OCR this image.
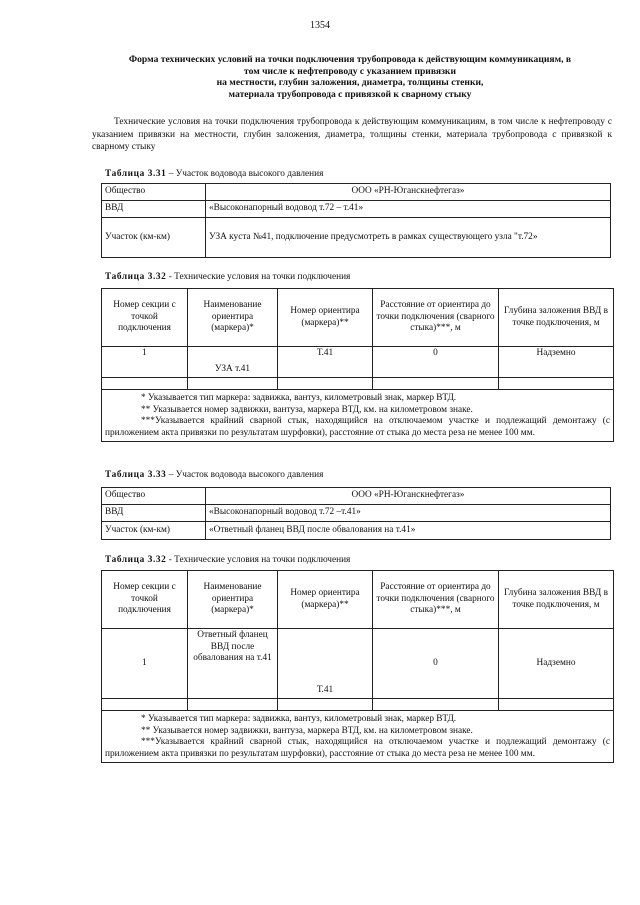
1354
Форма технических условий на точки подключения трубопровода к действующим коммуникациям, в
том числе к нефтепроводу с указанием привязки
на местности, глубин заложения, диаметра, толщины стенки,
материала трубопровода с привязкой к сварному стыку
Технические условия на точки подключения трубопровода к действующим коммуникациям, в том числе к нефтепроводу с указанием привязки на местности, глубин заложения, диаметра, толщины стенки, материала трубопровода с привязкой к сварному стыку
Таблица 3.31 – Участок водовода высокого давления
Общество	ООО «РН-Юганскнефтегаз»
ВВД	«Высоконапорный водовод т.72 – т.41»
Участок (км-км)	УЗА куста №41, подключение предусмотреть в рамках существующего узла "т.72»
Таблица 3.32 - Технические условия на точки подключения
Номер секции с точкой подключения	Наименование ориентира (маркера)*	Номер ориентира (маркера)**	Расстояние от ориентира до точки подключения (сварного стыка)***, м	Глубина заложения ВВД в точке подключения, м
1	УЗА т.41	Т.41	0	Надземно

* Указывается тип маркера: задвижка, вантуз, километровый знак, маркер ВТД.
** Указывается номер задвижки, вантуза, маркера ВТД, км. на километровом знаке.
***Указывается крайний сварной стык, находящийся на отключаемом участке и подлежащий демонтажу (с приложением акта привязки по результатам шурфовки), расстояние от стыка до места реза не менее 100 мм.				
Таблица 3.33 – Участок водовода высокого давления
Общество	ООО «РН-Юганскнефтегаз»
ВВД	«Высоконапорный водовод т.72 –т.41»
Участок (км-км)	«Ответный фланец ВВД после обвалования на т.41»
Таблица 3.32 - Технические условия на точки подключения
Номер секции с точкой подключения	Наименование ориентира (маркера)*	Номер ориентира (маркера)**	Расстояние от ориентира до точки подключения (сварного стыка)***, м	Глубина заложения ВВД в точке подключения, м
1	Ответный фланец ВВД после обвалования на т.41	Т.41	0	Надземно

* Указывается тип маркера: задвижка, вантуз, километровый знак, маркер ВТД.
** Указывается номер задвижки, вантуза, маркера ВТД, км. на километровом знаке.
***Указывается крайний сварной стык, находящийся на отключаемом участке и подлежащий демонтажу (с приложением акта привязки по результатам шурфовки), расстояние от стыка до места реза не менее 100 мм.				
